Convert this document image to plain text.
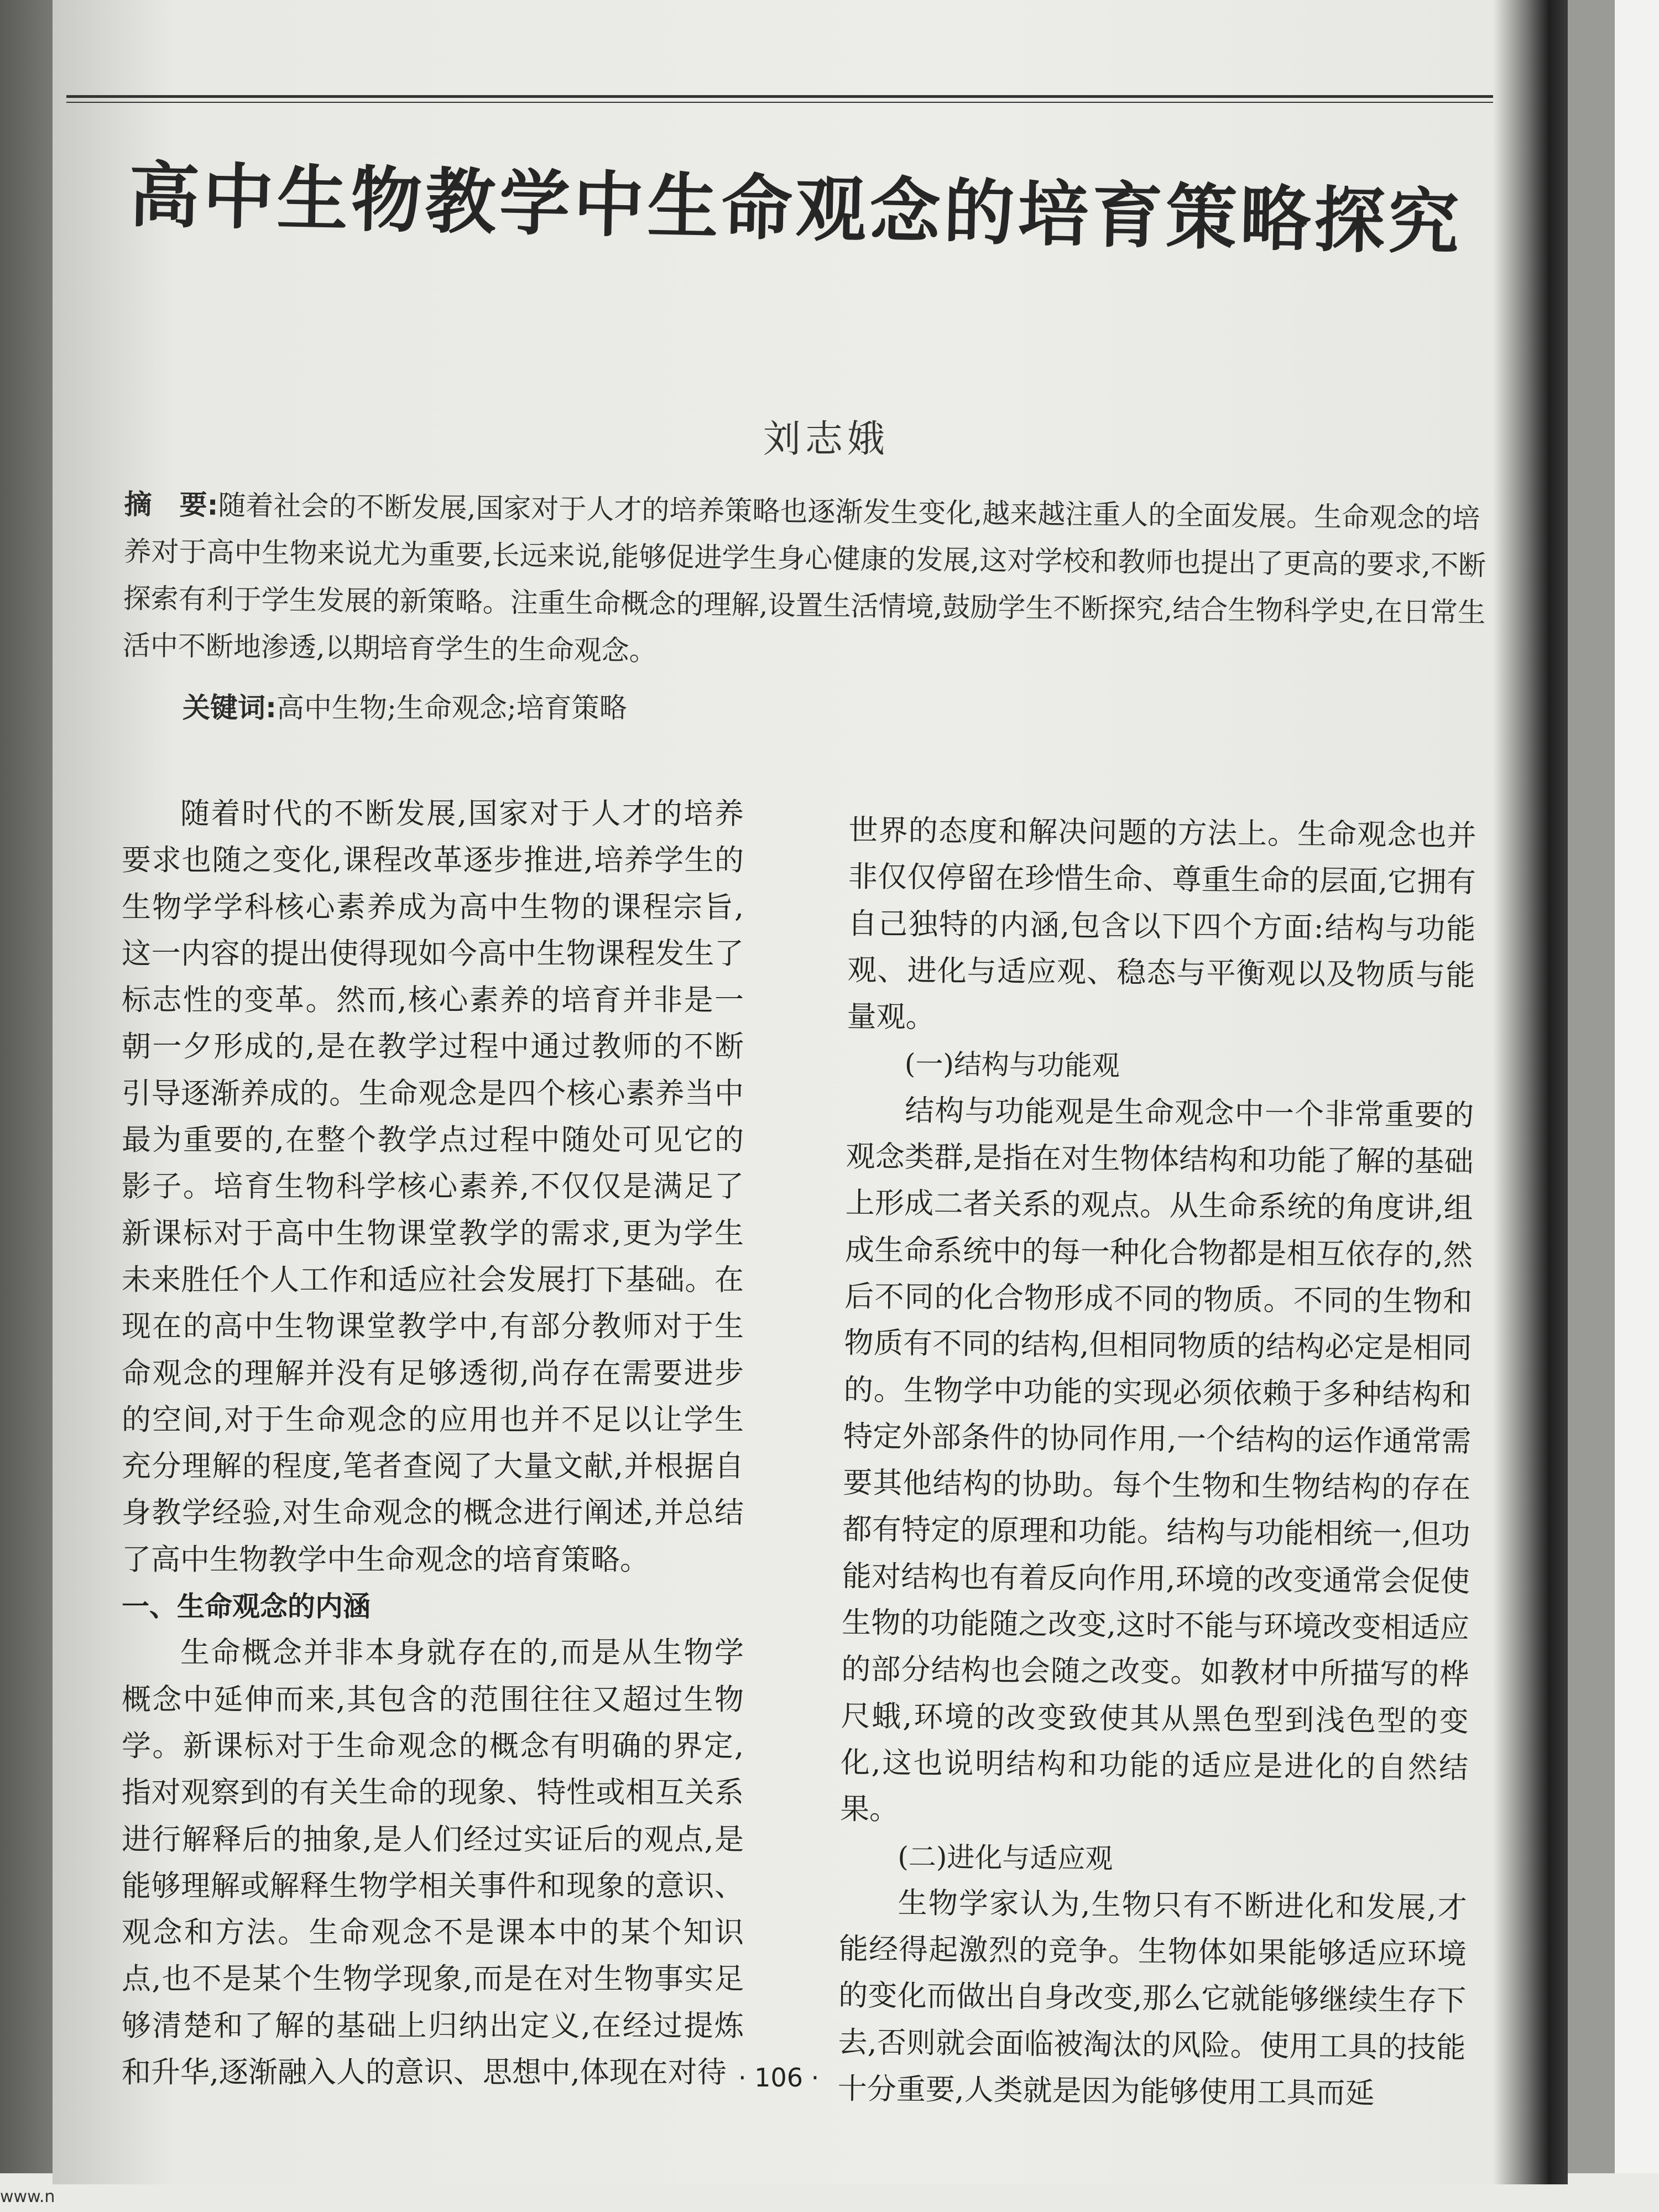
高中生物教学中生命观念的培育策略探究
刘志娥
摘　要:随着社会的不断发展,国家对于人才的培养策略也逐渐发生变化,越来越注重人的全面发展。生命观念的培养对于高中生物来说尤为重要,长远来说,能够促进学生身心健康的发展,这对学校和教师也提出了更高的要求,不断探索有利于学生发展的新策略。注重生命概念的理解,设置生活情境,鼓励学生不断探究,结合生物科学史,在日常生活中不断地渗透,以期培育学生的生命观念。
关键词:高中生物;生命观念;培育策略

随着时代的不断发展,国家对于人才的培养要求也随之变化,课程改革逐步推进,培养学生的生物学学科核心素养成为高中生物的课程宗旨,这一内容的提出使得现如今高中生物课程发生了标志性的变革。然而,核心素养的培育并非是一朝一夕形成的,是在教学过程中通过教师的不断引导逐渐养成的。生命观念是四个核心素养当中最为重要的,在整个教学点过程中随处可见它的影子。培育生物科学核心素养,不仅仅是满足了新课标对于高中生物课堂教学的需求,更为学生未来胜任个人工作和适应社会发展打下基础。在现在的高中生物课堂教学中,有部分教师对于生命观念的理解并没有足够透彻,尚存在需要进步的空间,对于生命观念的应用也并不足以让学生充分理解的程度,笔者查阅了大量文献,并根据自身教学经验,对生命观念的概念进行阐述,并总结了高中生物教学中生命观念的培育策略。

一、生命观念的内涵

生命概念并非本身就存在的,而是从生物学概念中延伸而来,其包含的范围往往又超过生物学。新课标对于生命观念的概念有明确的界定,指对观察到的有关生命的现象、特性或相互关系进行解释后的抽象,是人们经过实证后的观点,是能够理解或解释生物学相关事件和现象的意识、观念和方法。生命观念不是课本中的某个知识点,也不是某个生物学现象,而是在对生物事实足够清楚和了解的基础上归纳出定义,在经过提炼和升华,逐渐融入人的意识、思想中,体现在对待

世界的态度和解决问题的方法上。生命观念也并非仅仅停留在珍惜生命、尊重生命的层面,它拥有自己独特的内涵,包含以下四个方面:结构与功能观、进化与适应观、稳态与平衡观以及物质与能量观。

(一)结构与功能观

结构与功能观是生命观念中一个非常重要的观念类群,是指在对生物体结构和功能了解的基础上形成二者关系的观点。从生命系统的角度讲,组成生命系统中的每一种化合物都是相互依存的,然后不同的化合物形成不同的物质。不同的生物和物质有不同的结构,但相同物质的结构必定是相同的。生物学中功能的实现必须依赖于多种结构和特定外部条件的协同作用,一个结构的运作通常需要其他结构的协助。每个生物和生物结构的存在都有特定的原理和功能。结构与功能相统一,但功能对结构也有着反向作用,环境的改变通常会促使生物的功能随之改变,这时不能与环境改变相适应的部分结构也会随之改变。如教材中所描写的桦尺蛾,环境的改变致使其从黑色型到浅色型的变化,这也说明结构和功能的适应是进化的自然结果。

(二)进化与适应观

生物学家认为,生物只有不断进化和发展,才能经得起激烈的竞争。生物体如果能够适应环境的变化而做出自身改变,那么它就能够继续生存下去,否则就会面临被淘汰的风险。使用工具的技能十分重要,人类就是因为能够使用工具而延

· 106 ·
www.n
